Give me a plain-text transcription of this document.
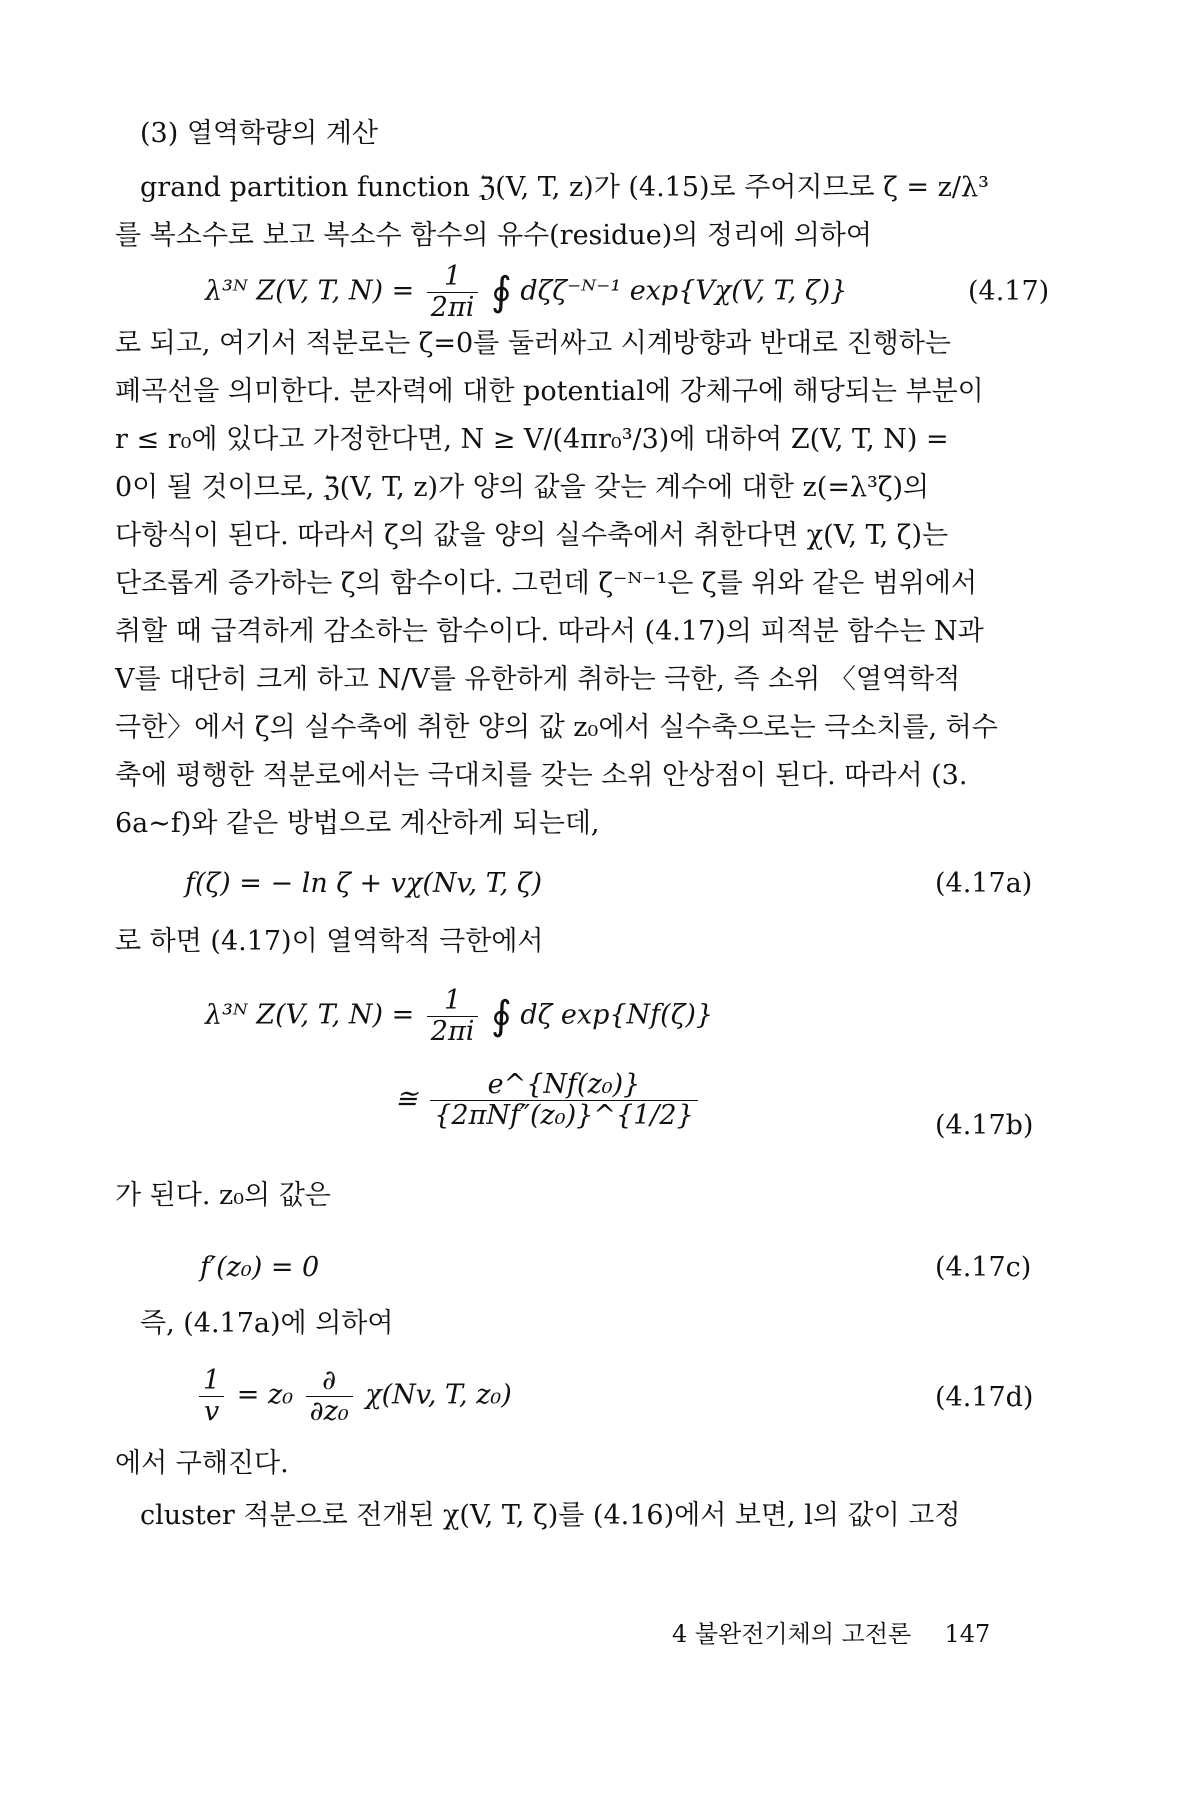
(3) 열역학량의 계산
grand partition function ℨ(V, T, z)가 (4.15)로 주어지므로 ζ = z/λ³
를 복소수로 보고 복소수 함수의 유수(residue)의 정리에 의하여
λ³ᴺ Z(V, T, $N) = \frac{1}{2\pi i}$ ∮ dζζ⁻ᴺ⁻¹ exp{Vχ(V, T, ζ)}	(4.17)
로 되고, 여기서 적분로는 ζ=0를 둘러싸고 시계방향과 반대로 진행하는
폐곡선을 의미한다. 분자력에 대한 potential에 강체구에 해당되는 부분이
r ≤ r₀에 있다고 가정한다면, N ≥ V/(4πr₀³/3)에 대하여 Z(V, T, N) =
0이 될 것이므로, ℨ(V, T, z)가 양의 값을 갖는 계수에 대한 z(=λ³ζ)의
다항식이 된다. 따라서 ζ의 값을 양의 실수축에서 취한다면 χ(V, T, ζ)는
단조롭게 증가하는 ζ의 함수이다. 그런데 ζ⁻ᴺ⁻¹은 ζ를 위와 같은 범위에서
취할 때 급격하게 감소하는 함수이다. 따라서 (4.17)의 피적분 함수는 N과
V를 대단히 크게 하고 N/V를 유한하게 취하는 극한, 즉 소위 〈열역학적
극한〉에서 ζ의 실수축에 취한 양의 값 z₀에서 실수축으로는 극소치를, 허수
축에 평행한 적분로에서는 극대치를 갖는 소위 안상점이 된다. 따라서 (3.
6a∼f)와 같은 방법으로 계산하게 되는데,
f(ζ) = − ln ζ + vχ(Nv, T, ζ)	(4.17a)
로 하면 (4.17)이 열역학적 극한에서
λ³ᴺ Z(V, T, $N) = \frac{1}{2\pi i}$ ∮ dζ exp{Nf(ζ)}
≅ $\frac{\text{e\textasciicircum{}\{Nf(z₀)\}}}{\text{\{2πNf″(z₀)\}\textasciicircum{}\{1/2\}}}$	(4.17b)
가 된다. z₀의 값은
f′(z₀) = 0	(4.17c)
즉, (4.17a)에 의하여
$\frac{1}{v} = z_0 \frac{\partial}{\text{∂z₀}} \chi(Nv$, T, z₀)	(4.17d)
에서 구해진다.
cluster 적분으로 전개된 χ(V, T, ζ)를 (4.16)에서 보면, l의 값이 고정
4 불완전기체의 고전론 147
